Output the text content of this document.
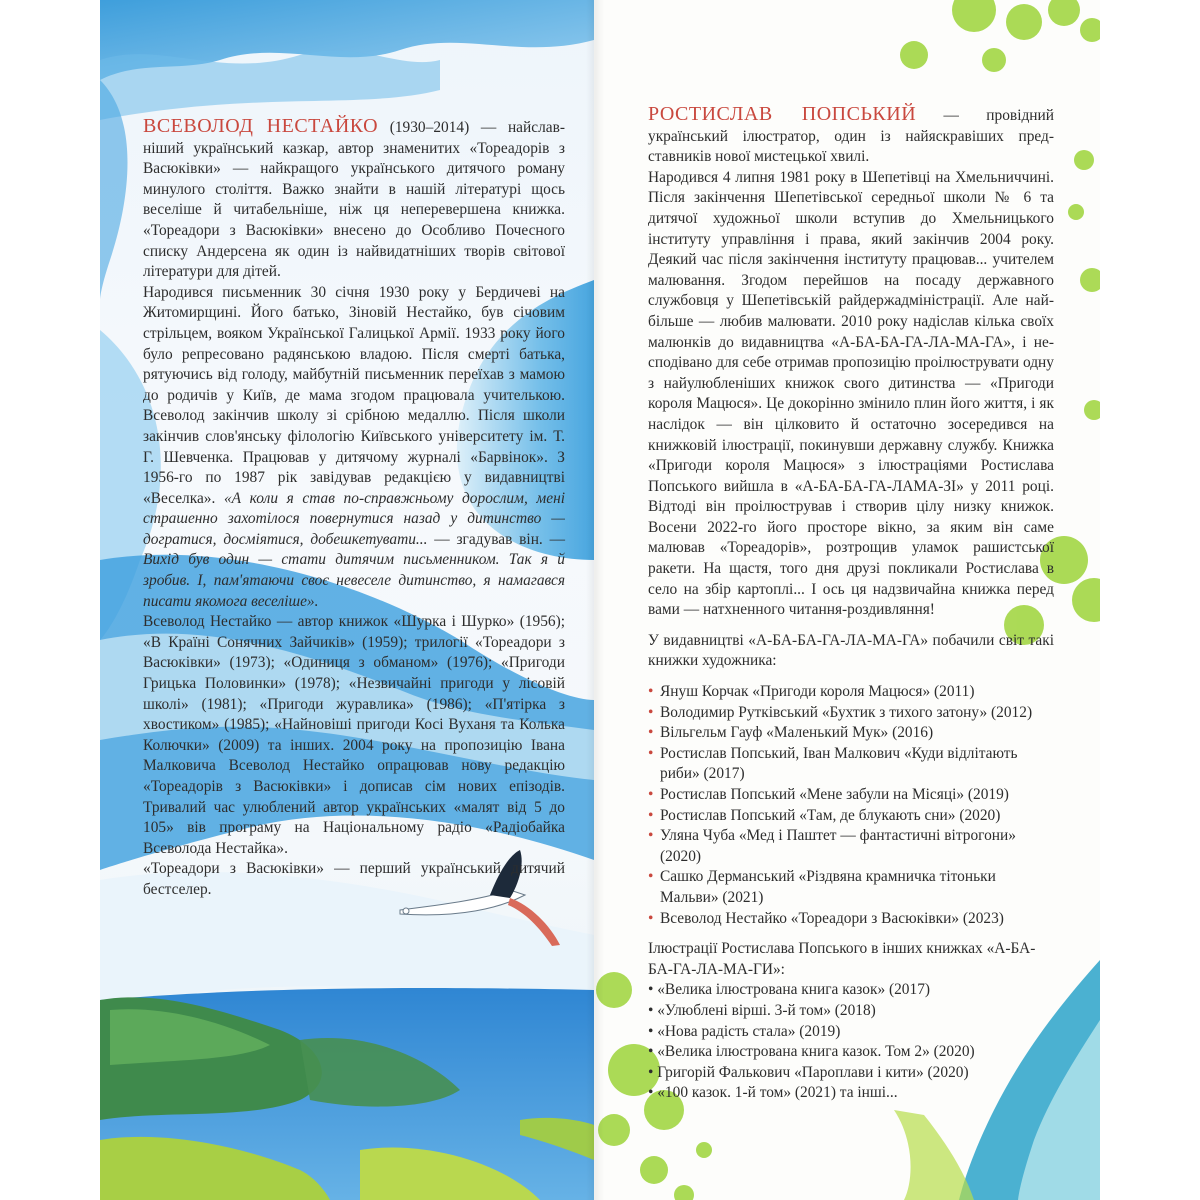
ВСЕВОЛОД НЕСТАЙКО (1930–2014) — найславніший український казкар, автор знаменитих «Тореадорів з Васюківки» — найкращого українського дитячого роману минулого століття. Важко знайти в нашій літературі щось веселіше й читабельніше, ніж ця неперевершена книжка. «Тореадори з Васюківки» внесено до Особливо Почесного списку Андерсена як один із найвидатніших творів світової літератури для дітей.

Народився письменник 30 січня 1930 року у Бердичеві на Житомирщині. Його батько, Зіновій Нестайко, був січовим стрільцем, вояком Української Галицької Армії. 1933 року його було репресовано радянською владою. Після смерті батька, рятуючись від голоду, майбутній письменник переїхав з мамою до родичів у Київ, де мама згодом працювала учителькою. Всеволод закінчив школу зі срібною медаллю. Після школи закінчив слов'янську філологію Київського університету ім. Т. Г. Шевченка. Працював у дитячому журналі «Барвінок». З 1956-го по 1987 рік завідував редакцією у видавництві «Веселка». «А коли я став по-справжньому дорослим, мені страшенно захотілося повернутися назад у дитинство — догратися, досміятися, добешкетувати... — згадував він. — Вихід був один — стати дитячим письменником. Так я й зробив. І, пам'ятаючи своє невеселе дитинство, я намагався писати якомога веселіше».

Всеволод Нестайко — автор книжок «Шурка і Шурко» (1956); «В Країні Сонячних Зайчиків» (1959); трилогії «Тореадори з Васюківки» (1973); «Одиниця з обманом» (1976); «Пригоди Грицька Половинки» (1978); «Незвичайні пригоди у лісовій школі» (1981); «Пригоди журавлика» (1986); «П'ятірка з хвостиком» (1985); «Найновіші пригоди Косі Вуханя та Колька Колючки» (2009) та інших. 2004 року на пропозицію Івана Малковича Всеволод Нестайко опрацював нову редакцію «Тореадорів з Васюківки» і дописав сім нових епізодів. Тривалий час улюблений автор українських «малят від 5 до 105» вів програму на Національному радіо «Радіобайка Всеволода Нестайка».

«Тореадори з Васюківки» — перший український дитячий бестселер.

РОСТИСЛАВ ПОПСЬКИЙ — провідний український ілюстратор, один із найяскравіших представників нової мистецької хвилі.

Народився 4 липня 1981 року в Шепетівці на Хмельниччині. Після закінчення Шепетівської середньої школи № 6 та дитячої художньої школи вступив до Хмельницького інституту управління і права, який закінчив 2004 року. Деякий час після закінчення інституту працював... учителем малювання. Згодом перейшов на посаду державного службовця у Шепетівській райдержадміністрації. Але найбільше — любив малювати. 2010 року надіслав кілька своїх малюнків до видавництва «А-БА-БА-ГА-ЛА-МА-ГА», і несподівано для себе отримав пропозицію проілюструвати одну з найулюбленіших книжок свого дитинства — «Пригоди короля Мацюся». Це докорінно змінило плин його життя, і як наслідок — він цілковито й остаточно зосередився на книжковій ілюстрації, покинувши державну службу. Книжка «Пригоди короля Мацюся» з ілюстраціями Ростислава Попського вийшла в «А-БА-БА-ГА-ЛАМА-ЗІ» у 2011 році. Відтоді він проілюстрував і створив цілу низку книжок. Восени 2022-го його просторе вікно, за яким він саме малював «Тореадорів», розтрощив уламок рашистської ракети. На щастя, того дня друзі покликали Ростислава в село на збір картоплі... І ось ця надзвичайна книжка перед вами — натхненного читання-роздивляння!

У видавництві «А-БА-БА-ГА-ЛА-МА-ГА» побачили світ такі книжки художника:

• Януш Корчак «Пригоди короля Мацюся» (2011)
• Володимир Рутківський «Бухтик з тихого затону» (2012)
• Вільгельм Гауф «Маленький Мук» (2016)
• Ростислав Попський, Іван Малкович «Куди відлітають риби» (2017)
• Ростислав Попський «Мене забули на Місяці» (2019)
• Ростислав Попський «Там, де блукають сни» (2020)
• Уляна Чуба «Мед і Паштет — фантастичні вітрогони» (2020)
• Сашко Дерманський «Різдвяна крамничка тітоньки Мальви» (2021)
• Всеволод Нестайко «Тореадори з Васюківки» (2023)

Ілюстрації Ростислава Попського в інших книжках «А-БА-БА-ГА-ЛА-МА-ГИ»:

• «Велика ілюстрована книга казок» (2017)
• «Улюблені вірші. 3-й том» (2018)
• «Нова радість стала» (2019)
• «Велика ілюстрована книга казок. Том 2» (2020)
• Григорій Фалькович «Пароплави і кити» (2020)
• «100 казок. 1-й том» (2021) та інші...
